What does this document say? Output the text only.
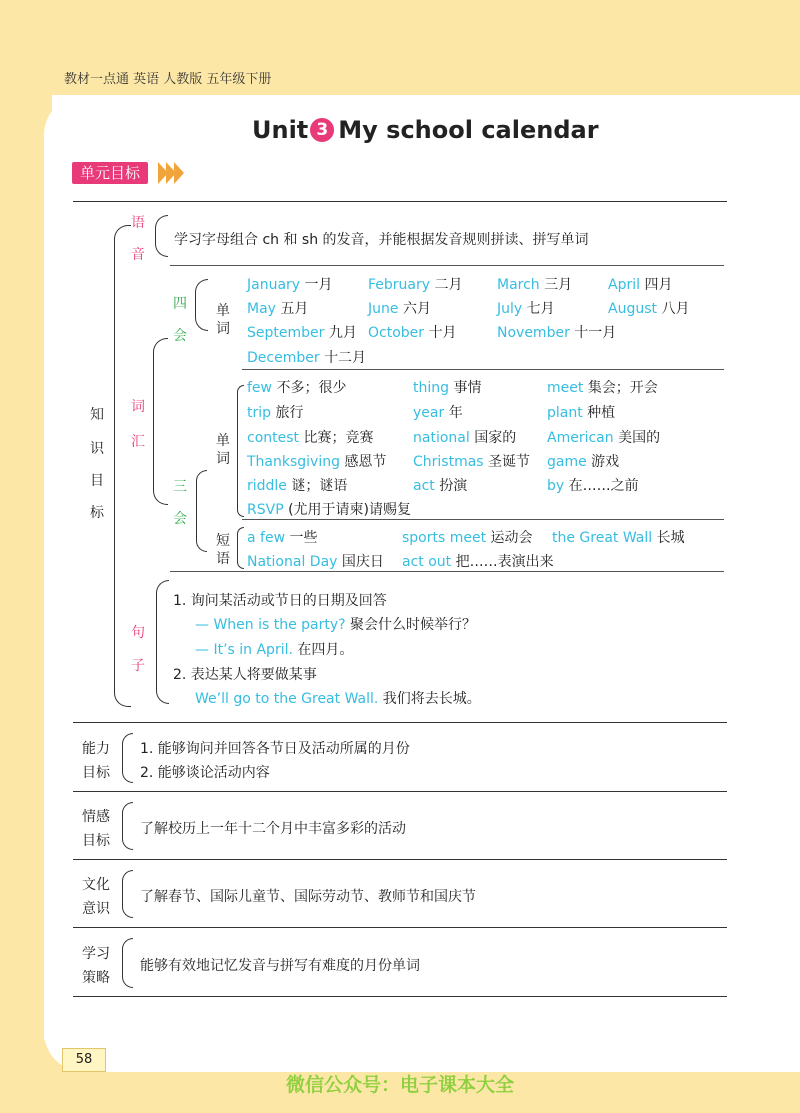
教材一点通 英语 人教版 五年级下册
Unit 3 My school calendar
单元目标
知
识
目
标
语
音
学习字母组合 ch 和 sh 的发音，并能根据发音规则拼读、拼写单词
词
汇
四
会
单
词
January 一月	February 二月 March 三月	April 四月
May 五月	June 六月	July 七月	August 八月
September 九月 October 十月	November 十一月
December 十二月
三
会
单
词
few 不多；很少	thing 事情	meet 集会；开会
trip 旅行	year 年	plant 种植
contest 比赛；竞赛	national 国家的 American 美国的
Thanksgiving 感恩节 Christmas 圣诞节 game 游戏
riddle 谜；谜语	act 扮演	by 在……之前
RSVP (尤用于请柬)请赐复
短
语
a few 一些	sports meet 运动会 the Great Wall 长城
National Day 国庆日 act out 把……表演出来
句
子
1. 询问某活动或节日的日期及回答
— When is the party? 聚会什么时候举行？
— It’s in April. 在四月。
2. 表达某人将要做某事
We’ll go to the Great Wall. 我们将去长城。
能力
目标
1. 能够询问并回答各节日及活动所属的月份
2. 能够谈论活动内容
情感
目标
了解校历上一年十二个月中丰富多彩的活动
文化
意识
了解春节、国际儿童节、国际劳动节、教师节和国庆节
学习
策略
能够有效地记忆发音与拼写有难度的月份单词
58
微信公众号：电子课本大全
